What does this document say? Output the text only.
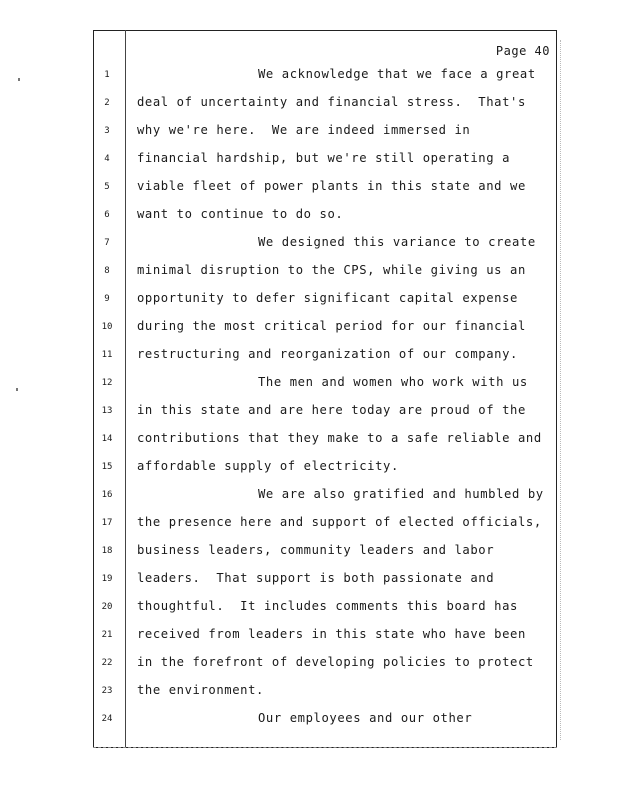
Page 40
1	We acknowledge that we face a great
2	deal of uncertainty and financial stress.  That's
3	why we're here.  We are indeed immersed in
4	financial hardship, but we're still operating a
5	viable fleet of power plants in this state and we
6	want to continue to do so.
7	We designed this variance to create
8	minimal disruption to the CPS, while giving us an
9	opportunity to defer significant capital expense
10	during the most critical period for our financial
11	restructuring and reorganization of our company.
12	The men and women who work with us
13	in this state and are here today are proud of the
14	contributions that they make to a safe reliable and
15	affordable supply of electricity.
16	We are also gratified and humbled by
17	the presence here and support of elected officials,
18	business leaders, community leaders and labor
19	leaders.  That support is both passionate and
20	thoughtful.  It includes comments this board has
21	received from leaders in this state who have been
22	in the forefront of developing policies to protect
23	the environment.
24	Our employees and our other
